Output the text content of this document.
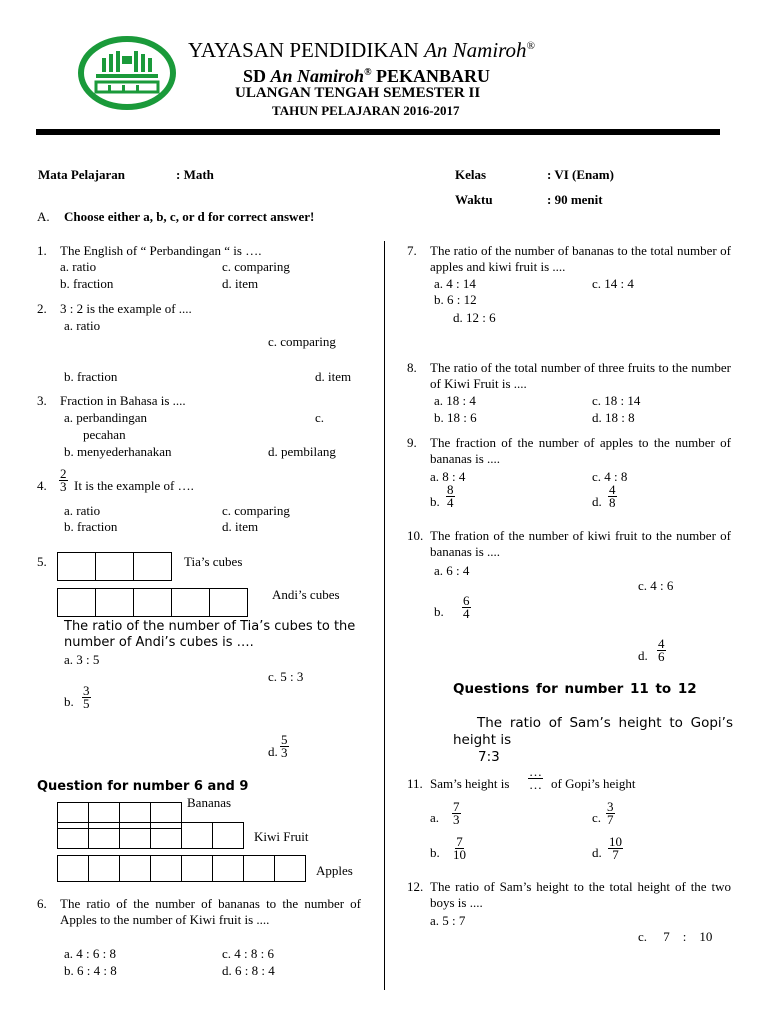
YAYASAN PENDIDIKAN An Namiroh®
SD An Namiroh® PEKANBARU
ULANGAN TENGAH SEMESTER II
TAHUN PELAJARAN 2016-2017
Mata Pelajaran	: Math	Kelas	: VI (Enam)
Waktu	: 90 menit
A. Choose either a, b, c, or d for correct answer!
1. The English of “ Perbandingan “ is ….
a. ratio	c. comparing
b. fraction	d. item
2. 3 : 2 is the example of ....
a. ratio
c. comparing
b. fraction	d. item
3. Fraction in Bahasa is ....
a. perbandingan	c.
pecahan
b. menyederhanakan	d. pembilang
4. $\frac{2}{3}$ It is the example of ….
a. ratio	c. comparing
b. fraction	d. item
5.	Tia’s cubes
Andi’s cubes
The ratio of the number of Tia’s cubes to the number of Andi’s cubes is ….
a. 3 : 5
c. 5 : 3
b. $\frac{3}{5}$
d. $\frac{5}{3}$
Question for number 6 and 9
Bananas
Kiwi Fruit
Apples
6. The ratio of the number of bananas to the number of Apples to the number of Kiwi fruit is ....
a. 4 : 6 : 8	c. 4 : 8 : 6
b. 6 : 4 : 8	d. 6 : 8 : 4
7. The ratio of the number of bananas to the total number of apples and kiwi fruit is ....
a. 4 : 14	c. 14 : 4
b. 6 : 12
d. 12 : 6
8. The ratio of the total number of three fruits to the number of Kiwi Fruit is ....
a. 18 : 4	c. 18 : 14
b. 18 : 6	d. 18 : 8
9. The fraction of the number of apples to the number of bananas is ....
a. 8 : 4	c. 4 : 8
b. $\frac{8}{4}$	d. $\frac{4}{8}$
10. The fration of the number of kiwi fruit to the number of bananas is ....
a. 6 : 4
c. 4 : 6
b. $\frac{6}{4}$
d. $\frac{4}{6}$
Questions for number 11 to 12
The ratio of Sam’s height to Gopi’s height is
7:3
11. Sam’s height is $\frac{\dots}{\dots}$ of Gopi’s height
a. $\frac{7}{3}$	c. $\frac{3}{7}$
b. $\frac{7}{10}$	d. $\frac{10}{7}$
12. The ratio of Sam’s height to the total height of the two boys is ....
a. 5 : 7
c.     7    :    10
